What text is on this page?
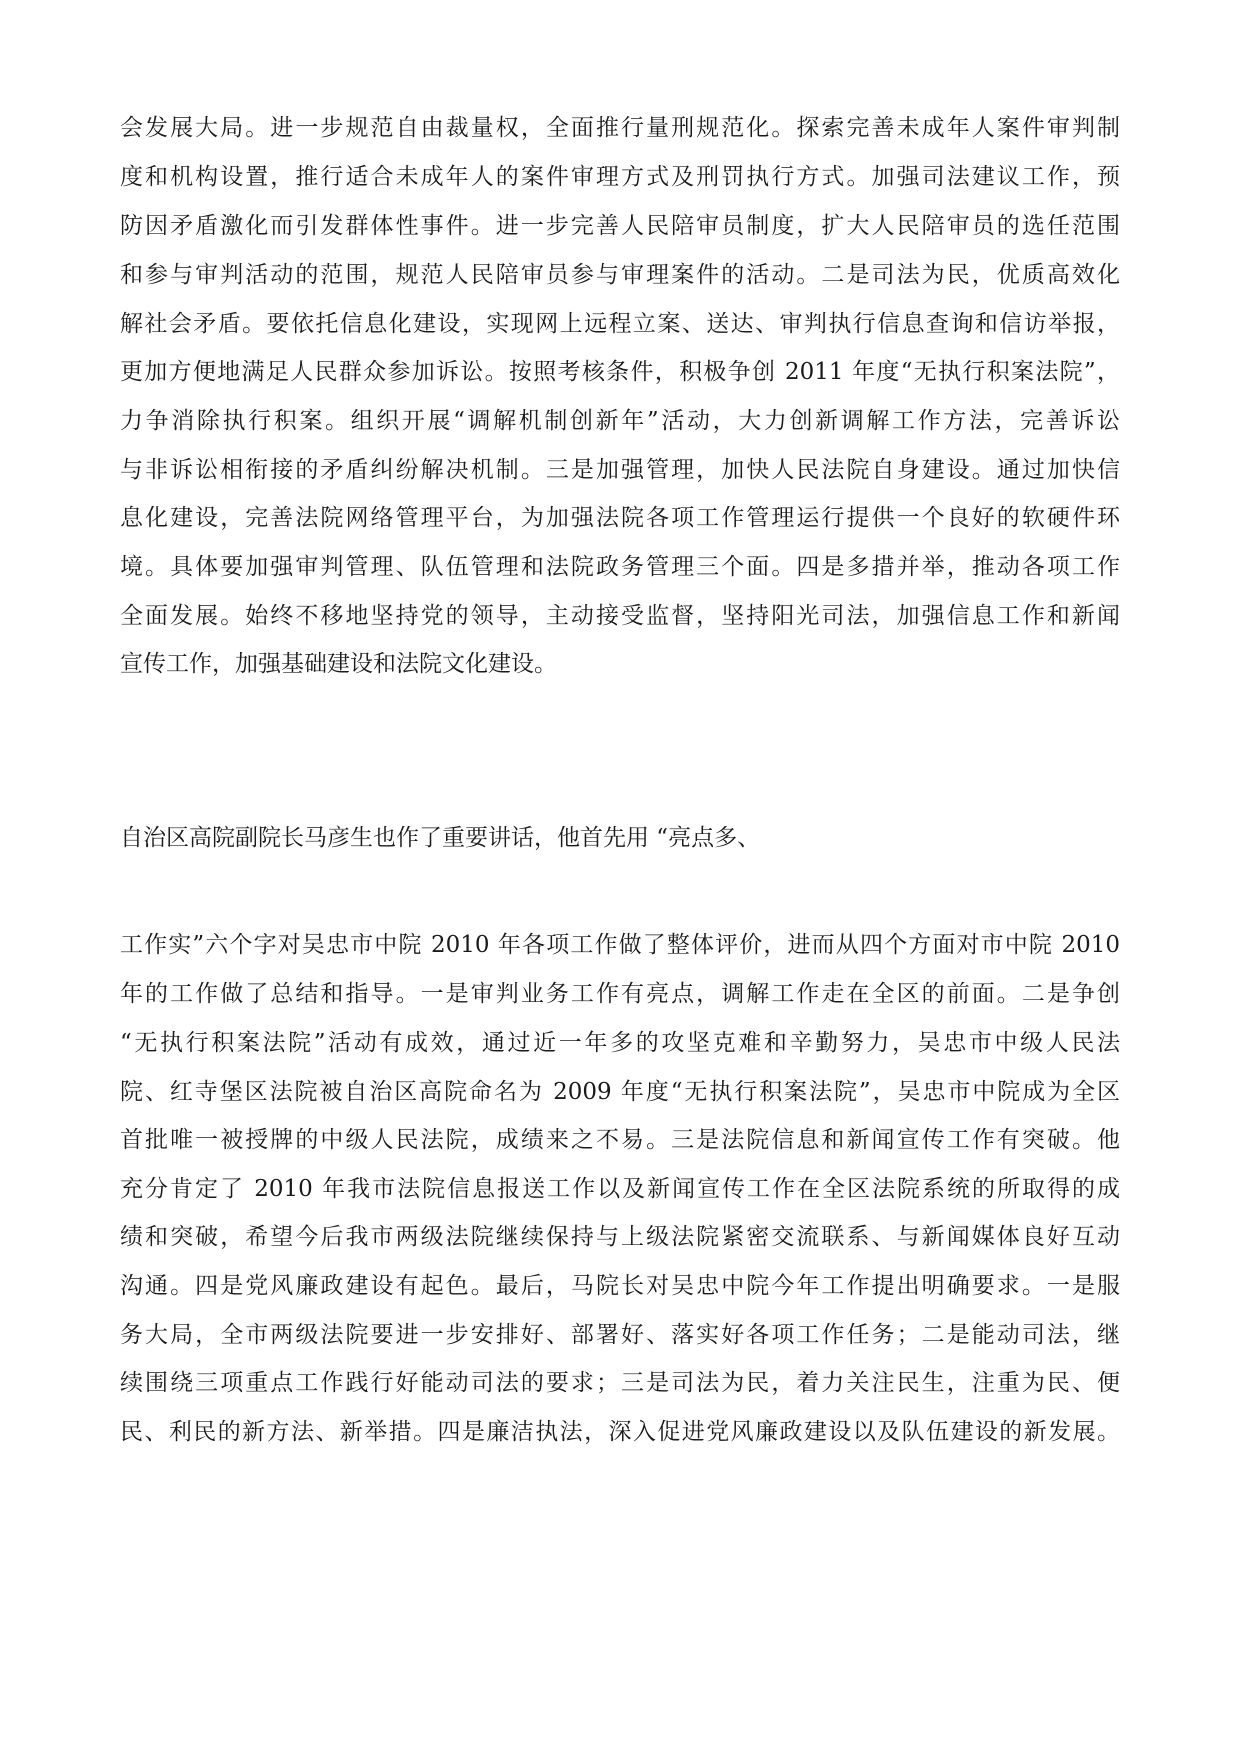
会发展大局。进一步规范自由裁量权，全面推行量刑规范化。探索完善未成年人案件审判制
度和机构设置，推行适合未成年人的案件审理方式及刑罚执行方式。加强司法建议工作，预
防因矛盾激化而引发群体性事件。进一步完善人民陪审员制度，扩大人民陪审员的选任范围
和参与审判活动的范围，规范人民陪审员参与审理案件的活动。二是司法为民，优质高效化
解社会矛盾。要依托信息化建设，实现网上远程立案、送达、审判执行信息查询和信访举报，
更加方便地满足人民群众参加诉讼。按照考核条件，积极争创 2011 年度“无执行积案法院”，
力争消除执行积案。组织开展“调解机制创新年”活动，大力创新调解工作方法，完善诉讼
与非诉讼相衔接的矛盾纠纷解决机制。三是加强管理，加快人民法院自身建设。通过加快信
息化建设，完善法院网络管理平台，为加强法院各项工作管理运行提供一个良好的软硬件环
境。具体要加强审判管理、队伍管理和法院政务管理三个面。四是多措并举，推动各项工作
全面发展。始终不移地坚持党的领导，主动接受监督，坚持阳光司法，加强信息工作和新闻
宣传工作，加强基础建设和法院文化建设。
自治区高院副院长马彦生也作了重要讲话，他首先用 “亮点多、
工作实”六个字对吴忠市中院 2010 年各项工作做了整体评价，进而从四个方面对市中院 2010
年的工作做了总结和指导。一是审判业务工作有亮点，调解工作走在全区的前面。二是争创
“无执行积案法院”活动有成效，通过近一年多的攻坚克难和辛勤努力，吴忠市中级人民法
院、红寺堡区法院被自治区高院命名为 2009 年度“无执行积案法院”，吴忠市中院成为全区
首批唯一被授牌的中级人民法院，成绩来之不易。三是法院信息和新闻宣传工作有突破。他
充分肯定了 2010 年我市法院信息报送工作以及新闻宣传工作在全区法院系统的所取得的成
绩和突破，希望今后我市两级法院继续保持与上级法院紧密交流联系、与新闻媒体良好互动
沟通。四是党风廉政建设有起色。最后，马院长对吴忠中院今年工作提出明确要求。一是服
务大局，全市两级法院要进一步安排好、部署好、落实好各项工作任务；二是能动司法，继
续围绕三项重点工作践行好能动司法的要求；三是司法为民，着力关注民生，注重为民、便
民、利民的新方法、新举措。四是廉洁执法，深入促进党风廉政建设以及队伍建设的新发展。
